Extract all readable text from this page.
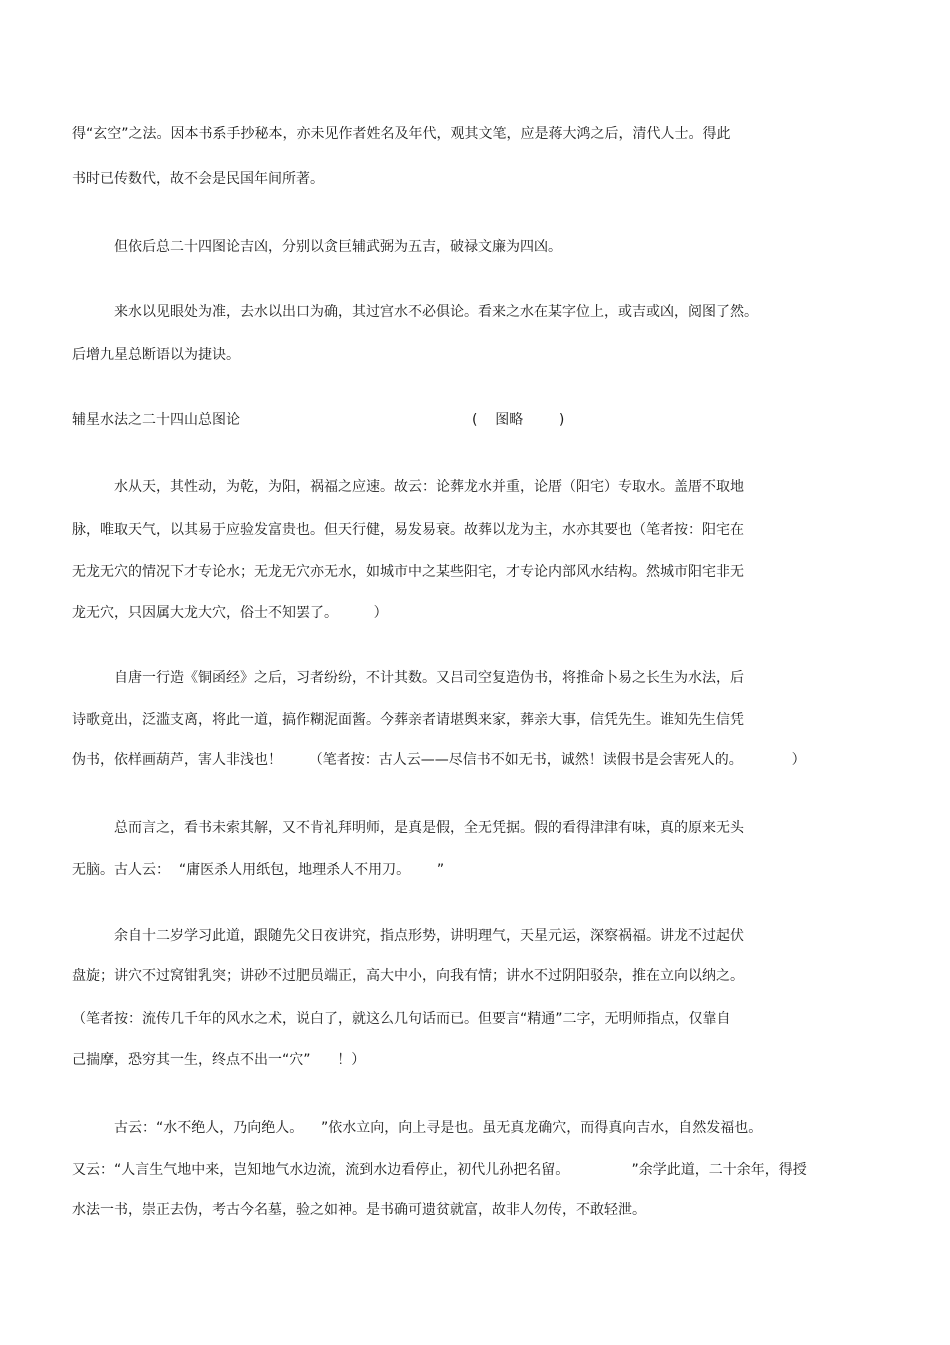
得“玄空”之法。因本书系手抄秘本，亦未见作者姓名及年代，观其文笔，应是蒋大鸿之后，清代人士。得此
书时已传数代，故不会是民国年间所著。
但依后总二十四图论吉凶，分别以贪巨辅武弼为五吉，破禄文廉为四凶。
来水以见眼处为准，去水以出口为确，其过宫水不必俱论。看来之水在某字位上，或吉或凶，阅图了然。
后增九星总断语以为捷诀。
辅星水法之二十四山总图论	(    图略        )
水从天，其性动，为乾，为阳，祸福之应速。故云：论葬龙水并重，论厝（阳宅）专取水。盖厝不取地
脉，唯取天气，以其易于应验发富贵也。但天行健，易发易衰。故葬以龙为主，水亦其要也（笔者按：阳宅在
无龙无穴的情况下才专论水；无龙无穴亦无水，如城市中之某些阳宅，才专论内部风水结构。然城市阳宅非无
龙无穴，只因属大龙大穴，俗士不知罢了。        ）
自唐一行造《铜函经》之后，习者纷纷，不计其数。又吕司空复造伪书，将推命卜易之长生为水法，后
诗歌竟出，泛滥支离，将此一道，搞作糊泥面酱。今葬亲者请堪舆来家，葬亲大事，信凭先生。谁知先生信凭
伪书，依样画葫芦，害人非浅也！      （笔者按：古人云——尽信书不如无书，诚然！读假书是会害死人的。           ）
总而言之，看书未索其解，又不肯礼拜明师，是真是假，全无凭据。假的看得津津有味，真的原来无头
无脑。古人云：  “庸医杀人用纸包，地理杀人不用刀。      ”
余自十二岁学习此道，跟随先父日夜讲究，指点形势，讲明理气，天星元运，深察祸福。讲龙不过起伏
盘旋；讲穴不过窝钳乳突；讲砂不过肥员端正，高大中小，向我有情；讲水不过阴阳驳杂，推在立向以纳之。
（笔者按：流传几千年的风水之术，说白了，就这么几句话而已。但要言“精通”二字，无明师指点，仅靠自
己揣摩，恐穷其一生，终点不出一“穴”      ！）
古云：“水不绝人，乃向绝人。    ”依水立向，向上寻是也。虽无真龙确穴，而得真向吉水，自然发福也。
又云：“人言生气地中来，岂知地气水边流，流到水边看停止，初代儿孙把名留。              ”余学此道，二十余年，得授
水法一书，崇正去伪，考古今名墓，验之如神。是书确可遗贫就富，故非人勿传，不敢轻泄。
